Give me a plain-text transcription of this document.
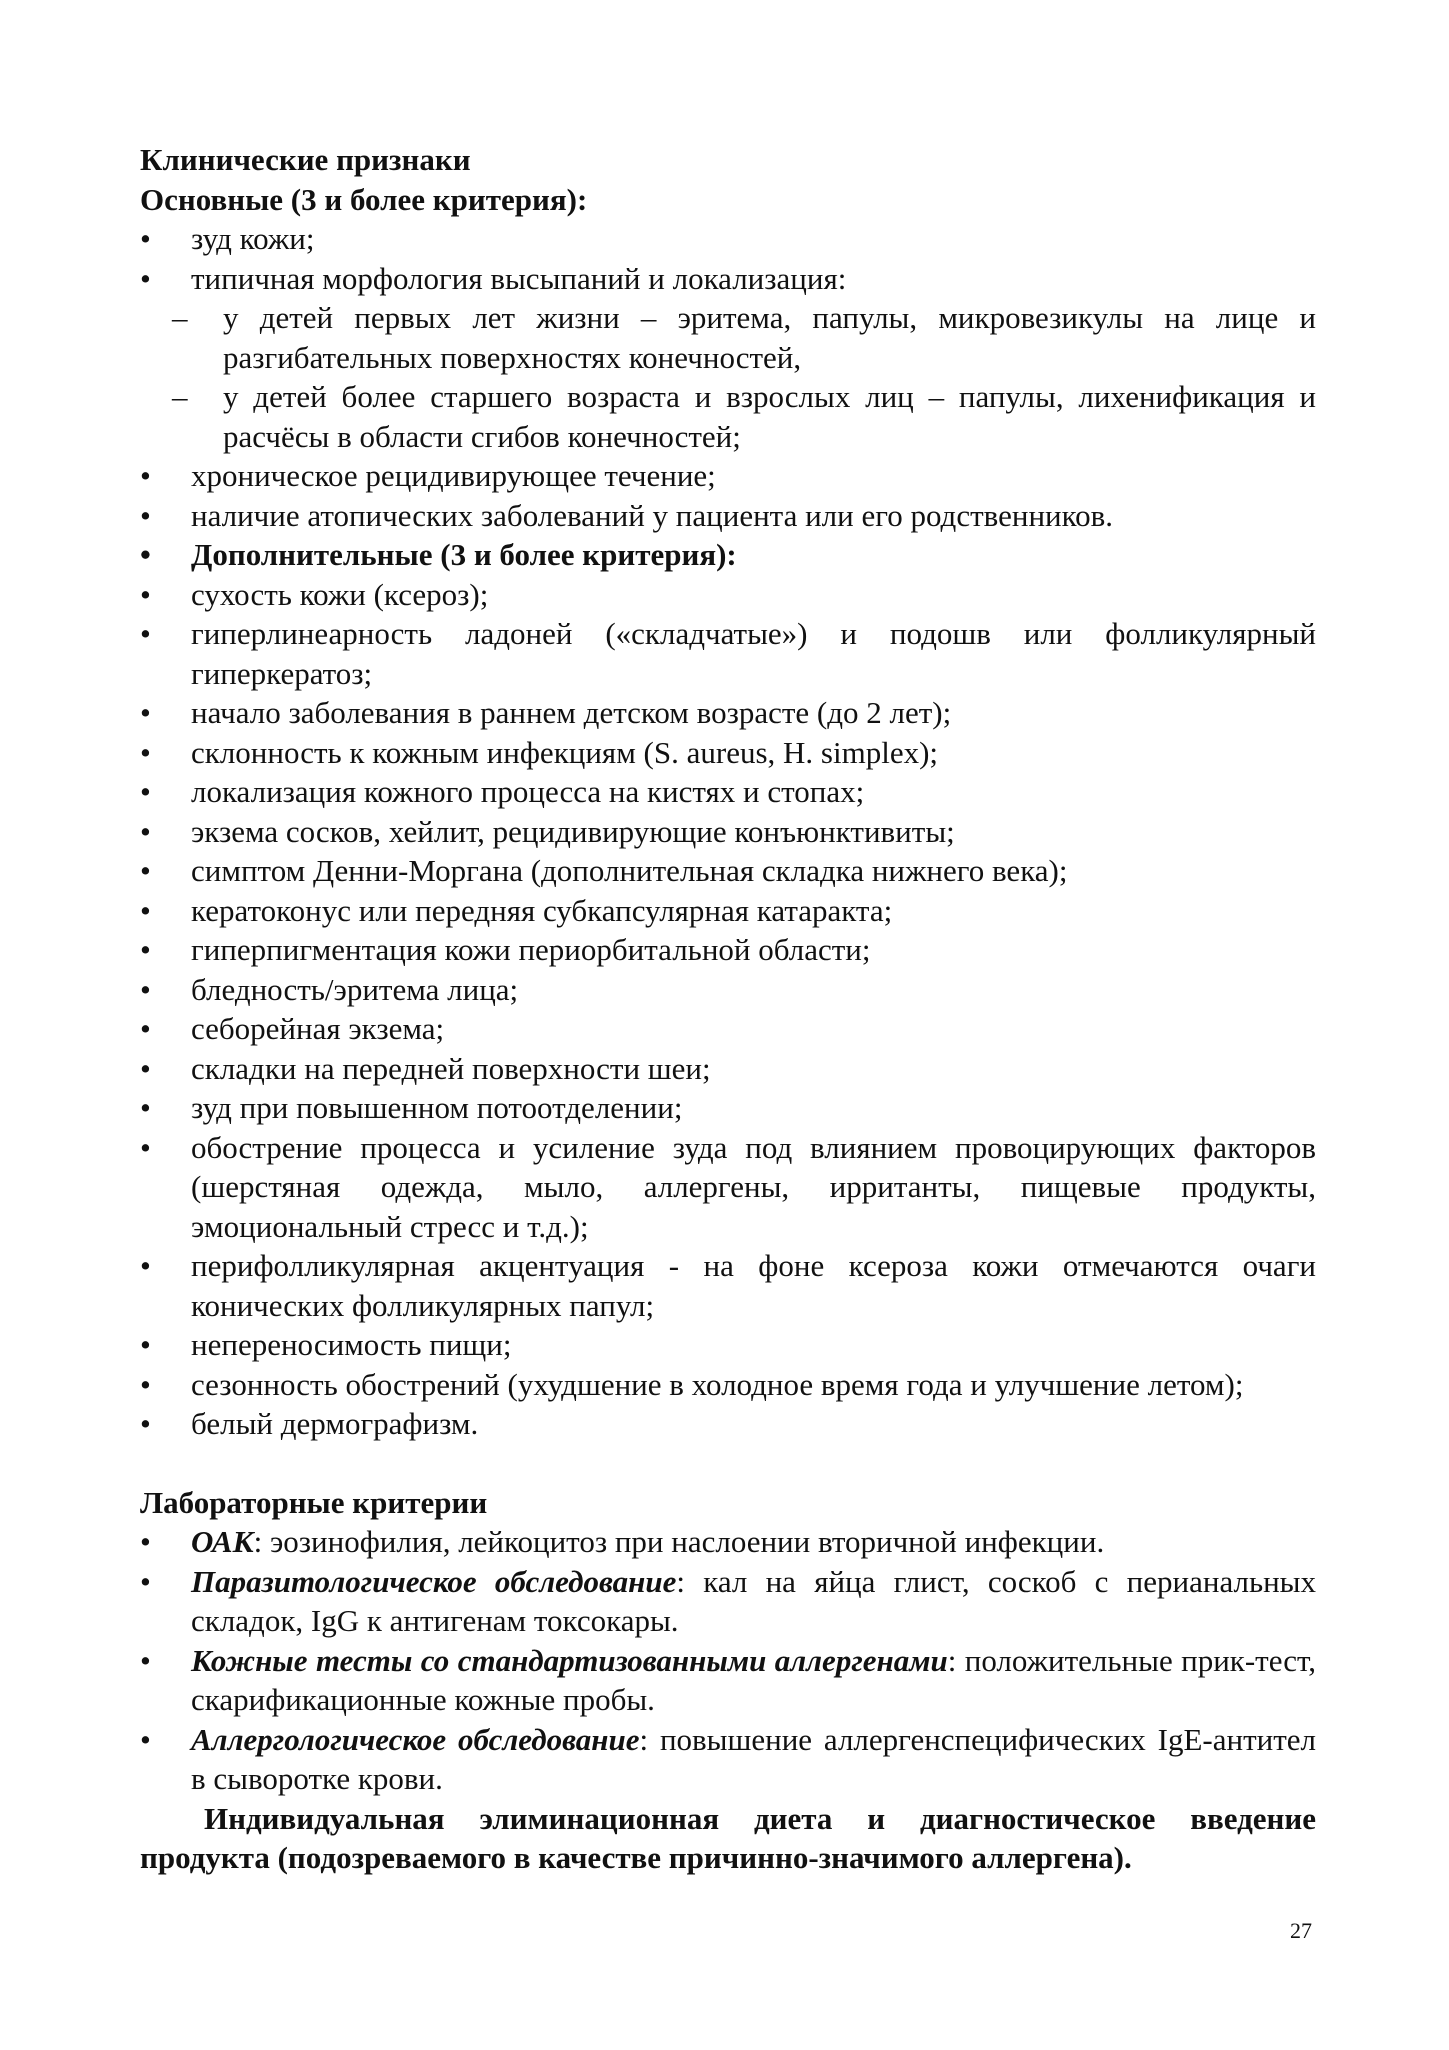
Клинические признаки
Основные (3 и более критерия):
• зуд кожи;
• типичная морфология высыпаний и локализация:
– у детей первых лет жизни – эритема, папулы, микровезикулы на лице и разгибательных поверхностях конечностей,
– у детей более старшего возраста и взрослых лиц – папулы, лихенификация и расчёсы в области сгибов конечностей;
• хроническое рецидивирующее течение;
• наличие атопических заболеваний у пациента или его родственников.
• Дополнительные (3 и более критерия):
• сухость кожи (ксероз);
• гиперлинеарность ладоней («складчатые») и подошв или фолликулярный гиперкератоз;
• начало заболевания в раннем детском возрасте (до 2 лет);
• склонность к кожным инфекциям (S. aureus, H. simplex);
• локализация кожного процесса на кистях и стопах;
• экзема сосков, хейлит, рецидивирующие конъюнктивиты;
• симптом Денни-Моргана (дополнительная складка нижнего века);
• кератоконус или передняя субкапсулярная катаракта;
• гиперпигментация кожи периорбитальной области;
• бледность/эритема лица;
• себорейная экзема;
• складки на передней поверхности шеи;
• зуд при повышенном потоотделении;
• обострение процесса и усиление зуда под влиянием провоцирующих факторов (шерстяная одежда, мыло, аллергены, ирританты, пищевые продукты, эмоциональный стресс и т.д.);
• перифолликулярная акцентуация - на фоне ксероза кожи отмечаются очаги конических фолликулярных папул;
• непереносимость пищи;
• сезонность обострений (ухудшение в холодное время года и улучшение летом);
• белый дермографизм.
Лабораторные критерии
• ОАК: эозинофилия, лейкоцитоз при наслоении вторичной инфекции.
• Паразитологическое обследование: кал на яйца глист, соскоб с перианальных складок, IgG к антигенам токсокары.
• Кожные тесты со стандартизованными аллергенами: положительные прик-тест, скарификационные кожные пробы.
• Аллергологическое обследование: повышение аллергенспецифических IgE-антител в сыворотке крови.
Индивидуальная элиминационная диета и диагностическое введение продукта (подозреваемого в качестве причинно-значимого аллергена).
27
